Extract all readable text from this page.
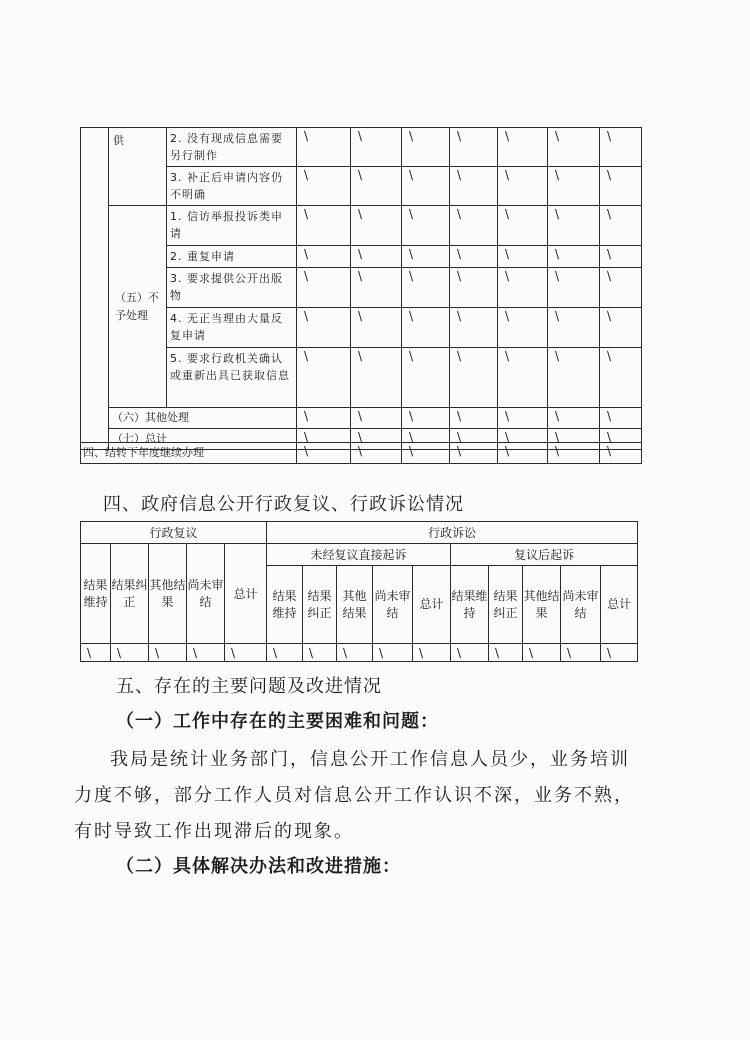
	供	2. 没有现成信息需要另行制作	\	\	\	\	\	\	\
		3. 补正后申请内容仍不明确	\	\	\	\	\	\	\
	（五）不予处理	1. 信访举报投诉类申请	\	\	\	\	\	\	\
		2. 重复申请	\	\	\	\	\	\	\
		3. 要求提供公开出版物	\	\	\	\	\	\	\
		4. 无正当理由大量反复申请	\	\	\	\	\	\	\
		5. 要求行政机关确认或重新出具已获取信息	\	\	\	\	\	\	\
	（六）其他处理		\	\	\	\	\	\	\
	（七）总计		\	\	\	\	\	\	\
四、结转下年度继续办理	\	\	\	\	\	\	\
四、政府信息公开行政复议、行政诉讼情况
行政复议					行政诉讼									
结果维持	结果纠正	其他结果	尚未审结	总计	未经复议直接起诉					复议后起诉				
					结果维持	结果纠正	其他结果	尚未审结	总计	结果维持	结果纠正	其他结果	尚未审结	总计
\	\	\	\	\	\	\	\	\	\	\	\	\	\	\
五、存在的主要问题及改进情况
（一）工作中存在的主要困难和问题：

我局是统计业务部门，信息公开工作信息人员少，业务培训力度不够，部分工作人员对信息公开工作认识不深，业务不熟，有时导致工作出现滞后的现象。

（二）具体解决办法和改进措施：
